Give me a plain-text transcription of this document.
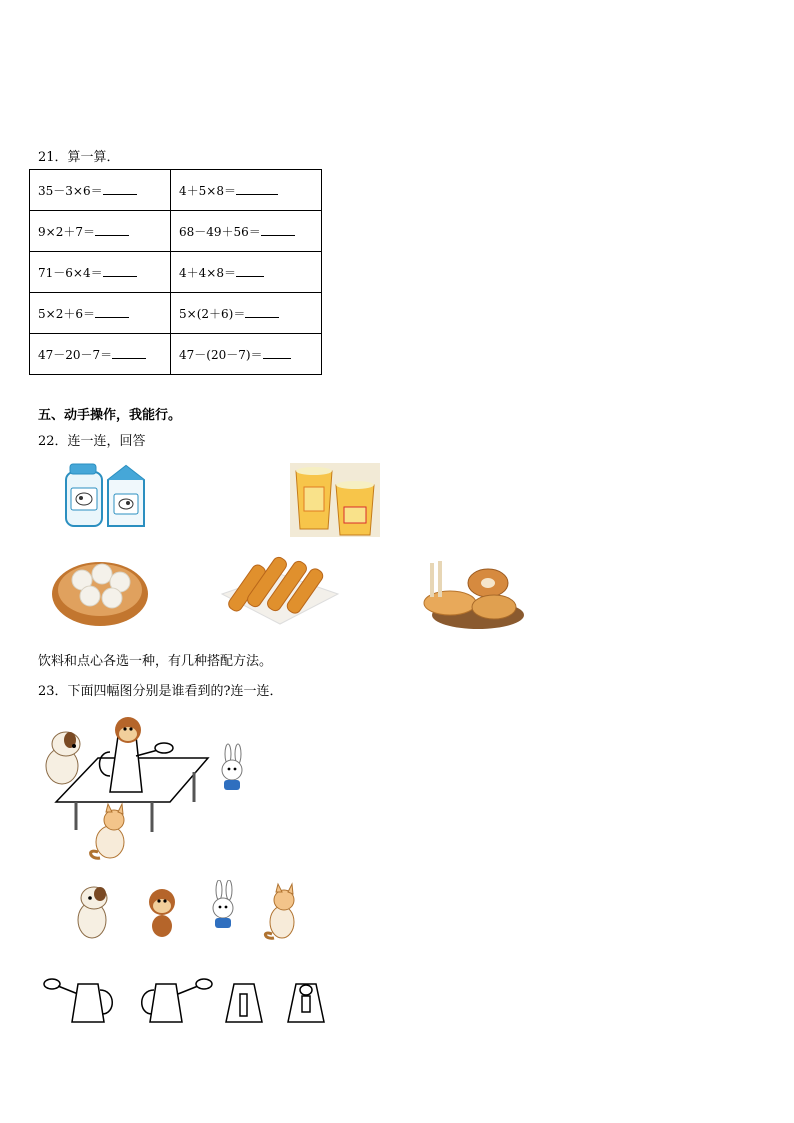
21．算一算．
35－3×6＝	4＋5×8＝
9×2＋7＝	68－49＋56＝
71－6×4＝	4＋4×8＝
5×2＋6＝	5×(2＋6)＝
47－20－7＝	47－(20－7)＝
五、动手操作，我能行。
22．连一连，回答
饮料和点心各选一种，有几种搭配方法。
23．下面四幅图分别是谁看到的?连一连．
